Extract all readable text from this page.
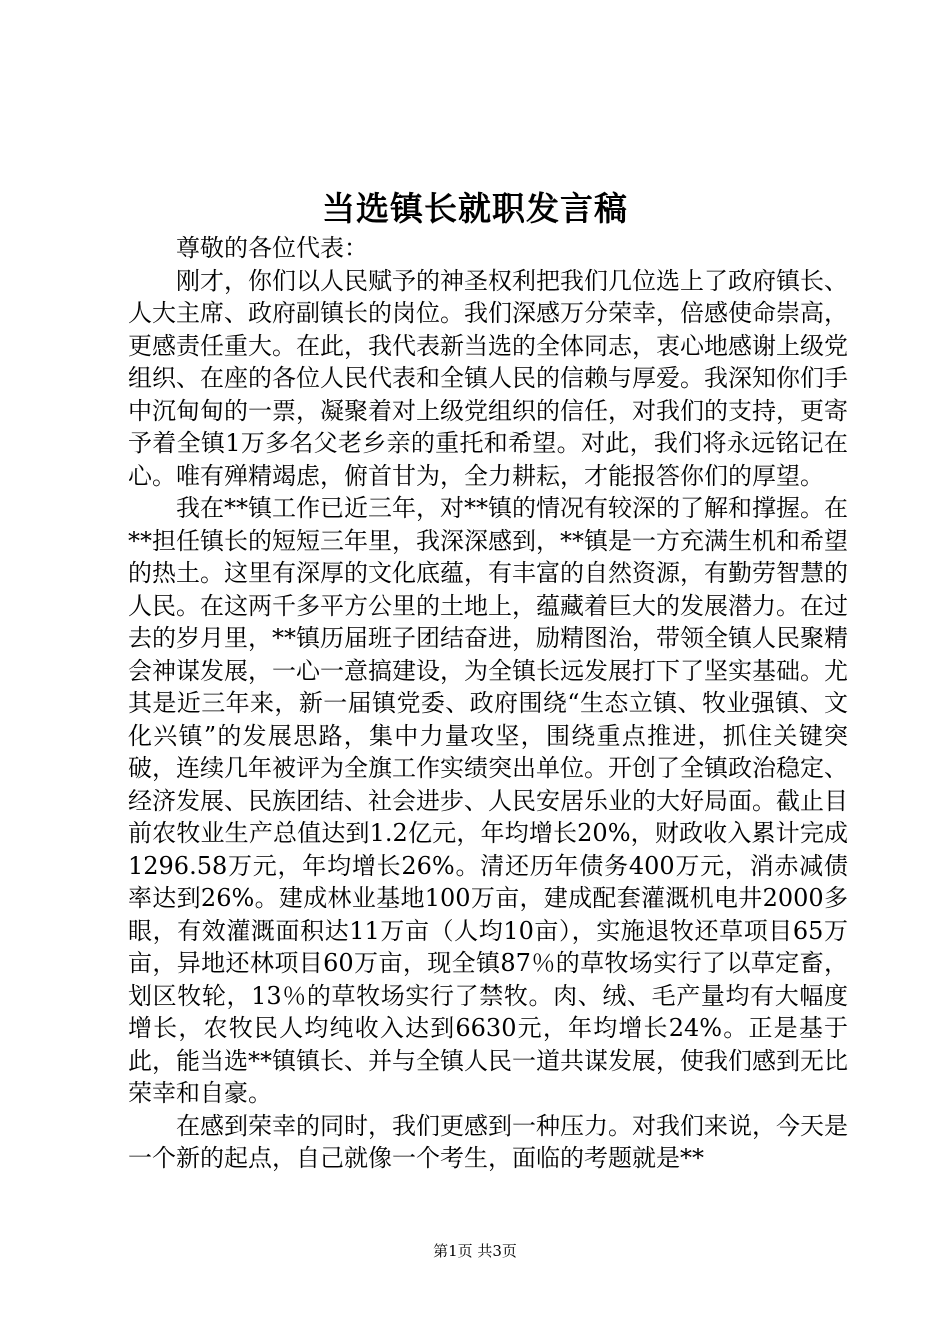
当选镇长就职发言稿

尊敬的各位代表：

刚才，你们以人民赋予的神圣权利把我们几位选上了政府镇长、人大主席、政府副镇长的岗位。我们深感万分荣幸，倍感使命崇高，更感责任重大。在此，我代表新当选的全体同志，衷心地感谢上级党组织、在座的各位人民代表和全镇人民的信赖与厚爱。我深知你们手中沉甸甸的一票，凝聚着对上级党组织的信任，对我们的支持，更寄予着全镇1万多名父老乡亲的重托和希望。对此，我们将永远铭记在心。唯有殚精竭虑，俯首甘为，全力耕耘，才能报答你们的厚望。

我在**镇工作已近三年，对**镇的情况有较深的了解和撑握。在**担任镇长的短短三年里，我深深感到，**镇是一方充满生机和希望的热土。这里有深厚的文化底蕴，有丰富的自然资源，有勤劳智慧的人民。在这两千多平方公里的土地上，蕴藏着巨大的发展潜力。在过去的岁月里，**镇历届班子团结奋进，励精图治，带领全镇人民聚精会神谋发展，一心一意搞建设，为全镇长远发展打下了坚实基础。尤其是近三年来，新一届镇党委、政府围绕“生态立镇、牧业强镇、文化兴镇”的发展思路，集中力量攻坚，围绕重点推进，抓住关键突破，连续几年被评为全旗工作实绩突出单位。开创了全镇政治稳定、经济发展、民族团结、社会进步、人民安居乐业的大好局面。截止目前农牧业生产总值达到1.2亿元，年均增长20%，财政收入累计完成1296.58万元，年均增长26%。清还历年债务400万元，消赤减债率达到26%。建成林业基地100万亩，建成配套灌溉机电井2000多眼，有效灌溉面积达11万亩（人均10亩），实施退牧还草项目65万亩，异地还林项目60万亩，现全镇87％的草牧场实行了以草定畜，划区牧轮，13％的草牧场实行了禁牧。肉、绒、毛产量均有大幅度增长，农牧民人均纯收入达到6630元，年均增长24%。正是基于此，能当选**镇镇长、并与全镇人民一道共谋发展，使我们感到无比荣幸和自豪。

在感到荣幸的同时，我们更感到一种压力。对我们来说，今天是一个新的起点，自己就像一个考生，面临的考题就是**

第1页 共3页
